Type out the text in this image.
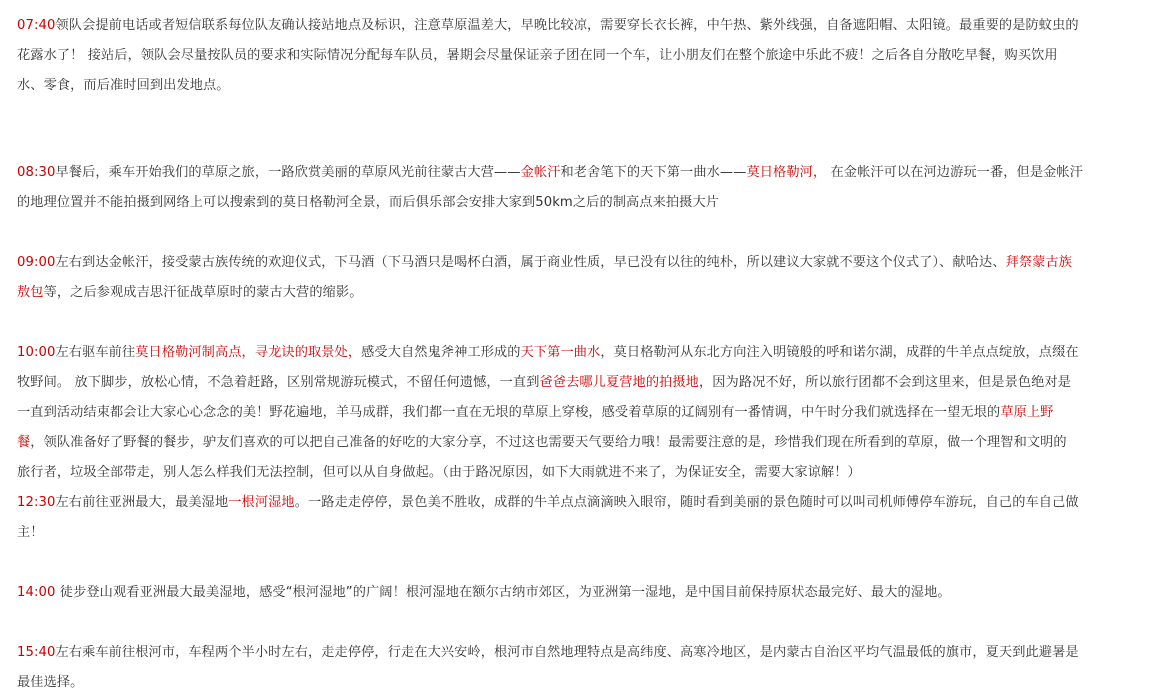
07:40领队会提前电话或者短信联系每位队友确认接站地点及标识，注意草原温差大，早晚比较凉，需要穿长衣长裤，中午热、紫外线强，自备遮阳帽、太阳镜。最重要的是防蚊虫的
花露水了！ 接站后，领队会尽量按队员的要求和实际情况分配每车队员，暑期会尽量保证亲子团在同一个车，让小朋友们在整个旅途中乐此不疲！之后各自分散吃早餐，购买饮用
水、零食，而后准时回到出发地点。
08:30早餐后，乘车开始我们的草原之旅，一路欣赏美丽的草原风光前往蒙古大营——金帐汗和老舍笔下的天下第一曲水——莫日格勒河， 在金帐汗可以在河边游玩一番，但是金帐汗
的地理位置并不能拍摄到网络上可以搜索到的莫日格勒河全景，而后俱乐部会安排大家到50km之后的制高点来拍摄大片
09:00左右到达金帐汗，接受蒙古族传统的欢迎仪式，下马酒（下马酒只是喝杯白酒，属于商业性质，早已没有以往的纯朴，所以建议大家就不要这个仪式了）、献哈达、拜祭蒙古族
敖包等，之后参观成吉思汗征战草原时的蒙古大营的缩影。
10:00左右驱车前往莫日格勒河制高点，寻龙诀的取景处，感受大自然鬼斧神工形成的天下第一曲水，莫日格勒河从东北方向注入明镜般的呼和诺尔湖，成群的牛羊点点绽放，点缀在
牧野间。 放下脚步，放松心情，不急着赶路，区别常规游玩模式，不留任何遗憾，一直到爸爸去哪儿夏营地的拍摄地，因为路况不好，所以旅行团都不会到这里来，但是景色绝对是
一直到活动结束都会让大家心心念念的美！野花遍地，羊马成群，我们都一直在无垠的草原上穿梭，感受着草原的辽阔别有一番情调，中午时分我们就选择在一望无垠的草原上野
餐，领队准备好了野餐的餐步，驴友们喜欢的可以把自己准备的好吃的大家分享，不过这也需要天气要给力哦！最需要注意的是，珍惜我们现在所看到的草原，做一个理智和文明的
旅行者，垃圾全部带走，别人怎么样我们无法控制，但可以从自身做起。（由于路况原因，如下大雨就进不来了，为保证安全，需要大家谅解！）
12:30左右前往亚洲最大，最美湿地一根河湿地。一路走走停停，景色美不胜收，成群的牛羊点点滴滴映入眼帘，随时看到美丽的景色随时可以叫司机师傅停车游玩，自己的车自己做
主！
14:00 徒步登山观看亚洲最大最美湿地，感受“根河湿地”的广阔！根河湿地在额尔古纳市郊区，为亚洲第一湿地，是中国目前保持原状态最完好、最大的湿地。
15:40左右乘车前往根河市，车程两个半小时左右，走走停停，行走在大兴安岭，根河市自然地理特点是高纬度、高寒冷地区，是内蒙古自治区平均气温最低的旗市，夏天到此避暑是
最佳选择。
